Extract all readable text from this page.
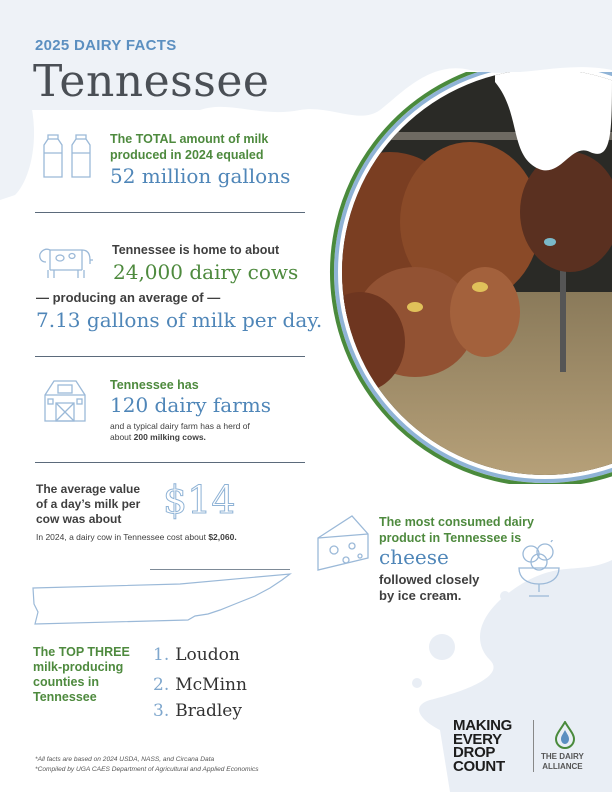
2025 DAIRY FACTS
Tennessee
The TOTAL amount of milk
produced in 2024 equaled
52 million gallons
Tennessee is home to about
24,000 dairy cows
— producing an average of —
7.13 gallons of milk per day.
Tennessee has
120 dairy farms
and a typical dairy farm has a herd of
about 200 milking cows.
The average value
of a day’s milk per
cow was about	$14
In 2024, a dairy cow in Tennessee cost about $2,060.
The most consumed dairy
product in Tennessee is
cheese
followed closely
by ice cream.
The TOP THREE
milk-producing
counties in
Tennessee
1. Loudon
2. McMinn
3. Bradley
*All facts are based on 2024 USDA, NASS, and Circana Data
*Compiled by UGA CAES Department of Agricultural and Applied Economics
MAKING
EVERY
DROP
COUNT
THE DAIRY
ALLIANCE
